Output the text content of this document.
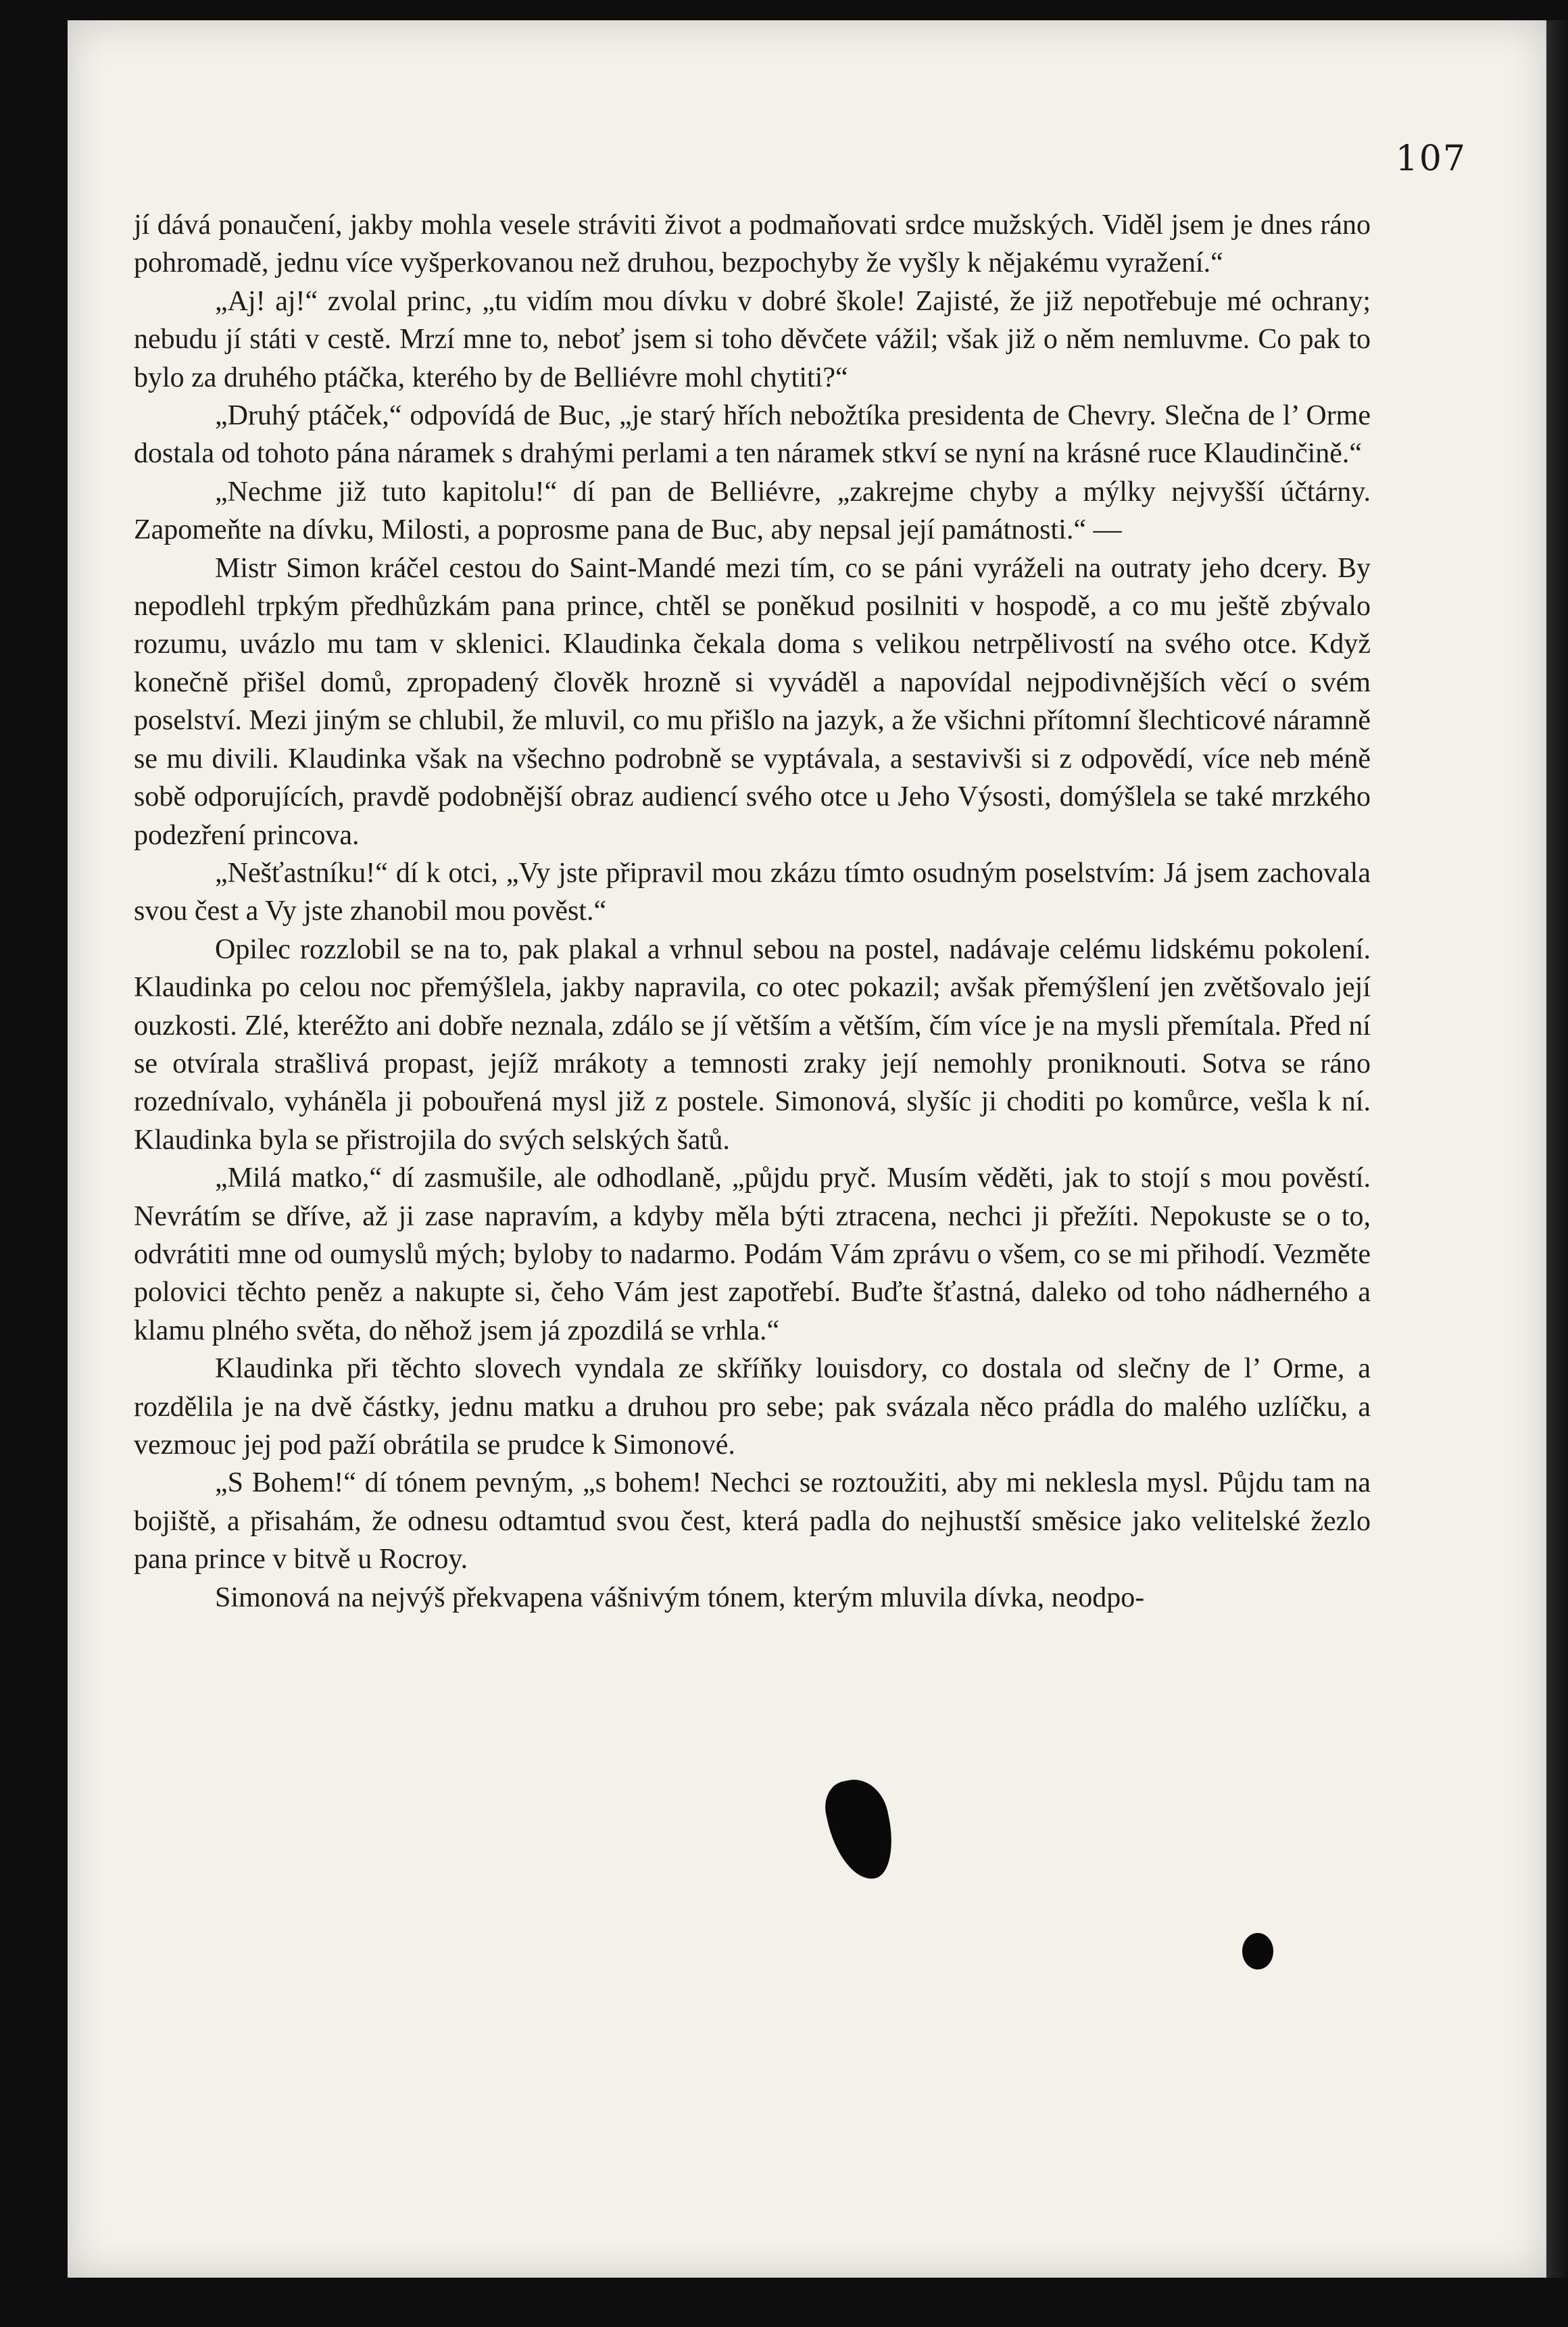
107

jí dává ponaučení, jakby mohla vesele stráviti život a podmaňovati srdce mužských. Viděl jsem je dnes ráno pohromadě, jednu více vyšperkovanou než druhou, bezpochyby že vyšly k nějakému vyražení.“

„Aj! aj!“ zvolal princ, „tu vidím mou dívku v dobré škole! Zajisté, že již nepotřebuje mé ochrany; nebudu jí státi v cestě. Mrzí mne to, neboť jsem si toho děvčete vážil; však již o něm nemluvme. Co pak to bylo za druhého ptáčka, kterého by de Belliévre mohl chytiti?“

„Druhý ptáček,“ odpovídá de Buc, „je starý hřích nebožtíka presidenta de Chevry. Slečna de l’ Orme dostala od tohoto pána náramek s drahými perlami a ten náramek stkví se nyní na krásné ruce Klaudinčině.“

„Nechme již tuto kapitolu!“ dí pan de Belliévre, „zakrejme chyby a mýlky nejvyšší účtárny. Zapomeňte na dívku, Milosti, a poprosme pana de Buc, aby nepsal její památnosti.“ —

Mistr Simon kráčel cestou do Saint-Mandé mezi tím, co se páni vyráželi na outraty jeho dcery. By nepodlehl trpkým předhůzkám pana prince, chtěl se poněkud posilniti v hospodě, a co mu ještě zbývalo rozumu, uvázlo mu tam v sklenici. Klaudinka čekala doma s velikou netrpělivostí na svého otce. Když konečně přišel domů, zpropadený člověk hrozně si vyváděl a napovídal nejpodivnějších věcí o svém poselství. Mezi jiným se chlubil, že mluvil, co mu přišlo na jazyk, a že všichni přítomní šlechticové náramně se mu divili. Klaudinka však na všechno podrobně se vyptávala, a sestavivši si z odpovědí, více neb méně sobě odporujících, pravdě podobnější obraz audiencí svého otce u Jeho Výsosti, domýšlela se také mrzkého podezření princova.

„Nešťastníku!“ dí k otci, „Vy jste připravil mou zkázu tímto osudným poselstvím: Já jsem zachovala svou čest a Vy jste zhanobil mou pověst.“

Opilec rozzlobil se na to, pak plakal a vrhnul sebou na postel, nadávaje celému lidskému pokolení. Klaudinka po celou noc přemýšlela, jakby napravila, co otec pokazil; avšak přemýšlení jen zvětšovalo její ouzkosti. Zlé, kteréžto ani dobře neznala, zdálo se jí větším a větším, čím více je na mysli přemítala. Před ní se otvírala strašlivá propast, jejíž mrákoty a temnosti zraky její nemohly proniknouti. Sotva se ráno rozednívalo, vyháněla ji pobouřená mysl již z postele. Simonová, slyšíc ji choditi po komůrce, vešla k ní. Klaudinka byla se přistrojila do svých selských šatů.

„Milá matko,“ dí zasmušile, ale odhodlaně, „půjdu pryč. Musím věděti, jak to stojí s mou pověstí. Nevrátím se dříve, až ji zase napravím, a kdyby měla býti ztracena, nechci ji přežíti. Nepokuste se o to, odvrátiti mne od oumyslů mých; byloby to nadarmo. Podám Vám zprávu o všem, co se mi přihodí. Vezměte polovici těchto peněz a nakupte si, čeho Vám jest zapotřebí. Buďte šťastná, daleko od toho nádherného a klamu plného světa, do něhož jsem já zpozdilá se vrhla.“

Klaudinka při těchto slovech vyndala ze skříňky louisdory, co dostala od slečny de l’ Orme, a rozdělila je na dvě částky, jednu matku a druhou pro sebe; pak svázala něco prádla do malého uzlíčku, a vezmouc jej pod paží obrátila se prudce k Simonové.

„S Bohem!“ dí tónem pevným, „s bohem! Nechci se roztoužiti, aby mi neklesla mysl. Půjdu tam na bojiště, a přisahám, že odnesu odtamtud svou čest, která padla do nejhustší směsice jako velitelské žezlo pana prince v bitvě u Rocroy.

Simonová na nejvýš překvapena vášnivým tónem, kterým mluvila dívka, neodpo-
